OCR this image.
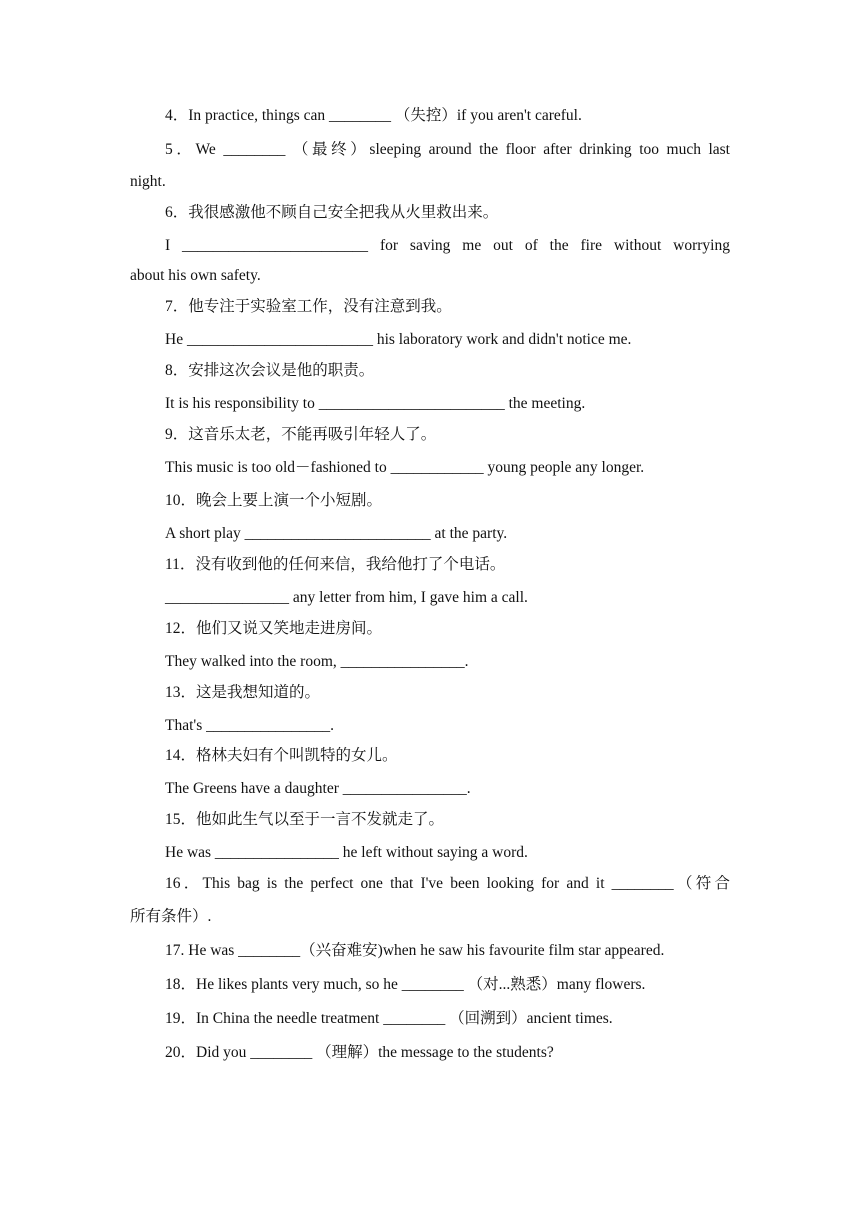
4．In practice, things can ________ （失控）if you aren't careful.
5．We ________ （最终）sleeping around the floor after drinking too much last
night.
6．我很感激他不顾自己安全把我从火里救出来。
I ________________________ for saving me out of the fire without worrying
about his own safety.
7．他专注于实验室工作，没有注意到我。
He ________________________ his laboratory work and didn't notice me.
8．安排这次会议是他的职责。
It is his responsibility to ________________________ the meeting.
9．这音乐太老，不能再吸引年轻人了。
This music is too old－fashioned to ____________ young people any longer.
10．晚会上要上演一个小短剧。
A short play ________________________ at the party.
11．没有收到他的任何来信，我给他打了个电话。
________________ any letter from him, I gave him a call.
12．他们又说又笑地走进房间。
They walked into the room, ________________.
13．这是我想知道的。
That's ________________.
14．格林夫妇有个叫凯特的女儿。
The Greens have a daughter ________________.
15．他如此生气以至于一言不发就走了。
He was ________________ he left without saying a word.
16．This bag is the perfect one that I've been looking for and it ________（符合
所有条件）.
17. He was ________（兴奋难安)when he saw his favourite film star appeared.
18．He likes plants very much, so he ________ （对...熟悉）many flowers.
19．In China the needle treatment ________ （回溯到）ancient times.
20．Did you ________ （理解）the message to the students?
